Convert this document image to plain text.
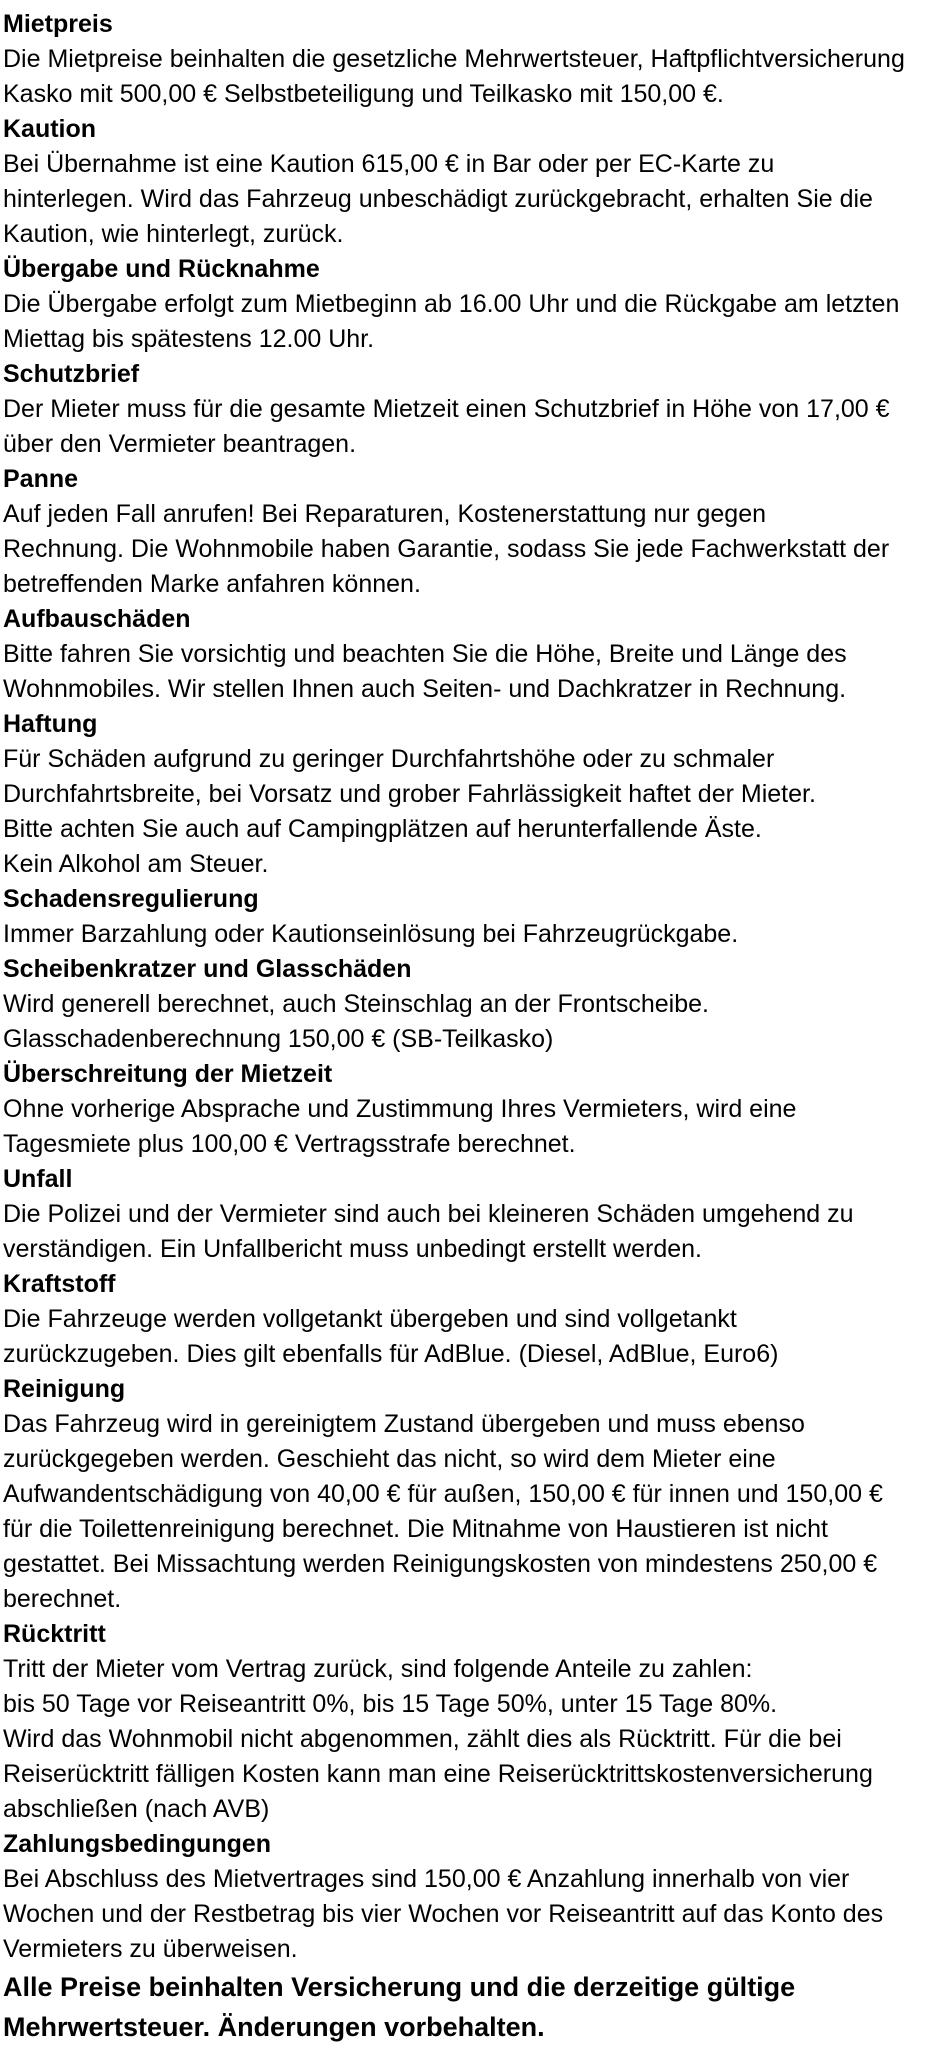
Mietpreis
Die Mietpreise beinhalten die gesetzliche Mehrwertsteuer, Haftpflichtversicherung
Kasko mit 500,00 € Selbstbeteiligung und Teilkasko mit 150,00 €.
Kaution
Bei Übernahme ist eine Kaution 615,00 € in Bar oder per EC-Karte zu
hinterlegen. Wird das Fahrzeug unbeschädigt zurückgebracht, erhalten Sie die
Kaution, wie hinterlegt, zurück.
Übergabe und Rücknahme
Die Übergabe erfolgt zum Mietbeginn ab 16.00 Uhr und die Rückgabe am letzten
Miettag bis spätestens 12.00 Uhr.
Schutzbrief
Der Mieter muss für die gesamte Mietzeit einen Schutzbrief in Höhe von 17,00 €
über den Vermieter beantragen.
Panne
Auf jeden Fall anrufen! Bei Reparaturen, Kostenerstattung nur gegen
Rechnung. Die Wohnmobile haben Garantie, sodass Sie jede Fachwerkstatt der
betreffenden Marke anfahren können.
Aufbauschäden
Bitte fahren Sie vorsichtig und beachten Sie die Höhe, Breite und Länge des
Wohnmobiles. Wir stellen Ihnen auch Seiten- und Dachkratzer in Rechnung.
Haftung
Für Schäden aufgrund zu geringer Durchfahrtshöhe oder zu schmaler
Durchfahrtsbreite, bei Vorsatz und grober Fahrlässigkeit haftet der Mieter.
Bitte achten Sie auch auf Campingplätzen auf herunterfallende Äste.
Kein Alkohol am Steuer.
Schadensregulierung
Immer Barzahlung oder Kautionseinlösung bei Fahrzeugrückgabe.
Scheibenkratzer und Glasschäden
Wird generell berechnet, auch Steinschlag an der Frontscheibe.
Glasschadenberechnung 150,00 € (SB-Teilkasko)
Überschreitung der Mietzeit
Ohne vorherige Absprache und Zustimmung Ihres Vermieters, wird eine
Tagesmiete plus 100,00 € Vertragsstrafe berechnet.
Unfall
Die Polizei und der Vermieter sind auch bei kleineren Schäden umgehend zu
verständigen. Ein Unfallbericht muss unbedingt erstellt werden.
Kraftstoff
Die Fahrzeuge werden vollgetankt übergeben und sind vollgetankt
zurückzugeben. Dies gilt ebenfalls für AdBlue. (Diesel, AdBlue, Euro6)
Reinigung
Das Fahrzeug wird in gereinigtem Zustand übergeben und muss ebenso
zurückgegeben werden. Geschieht das nicht, so wird dem Mieter eine
Aufwandentschädigung von 40,00 € für außen, 150,00 € für innen und 150,00 €
für die Toilettenreinigung berechnet. Die Mitnahme von Haustieren ist nicht
gestattet. Bei Missachtung werden Reinigungskosten von mindestens 250,00 €
berechnet.
Rücktritt
Tritt der Mieter vom Vertrag zurück, sind folgende Anteile zu zahlen:
bis 50 Tage vor Reiseantritt 0%, bis 15 Tage 50%, unter 15 Tage 80%.
Wird das Wohnmobil nicht abgenommen, zählt dies als Rücktritt. Für die bei
Reiserücktritt fälligen Kosten kann man eine Reiserücktrittskostenversicherung
abschließen (nach AVB)
Zahlungsbedingungen
Bei Abschluss des Mietvertrages sind 150,00 € Anzahlung innerhalb von vier
Wochen und der Restbetrag bis vier Wochen vor Reiseantritt auf das Konto des
Vermieters zu überweisen.
Alle Preise beinhalten Versicherung und die derzeitige gültige
Mehrwertsteuer. Änderungen vorbehalten.
